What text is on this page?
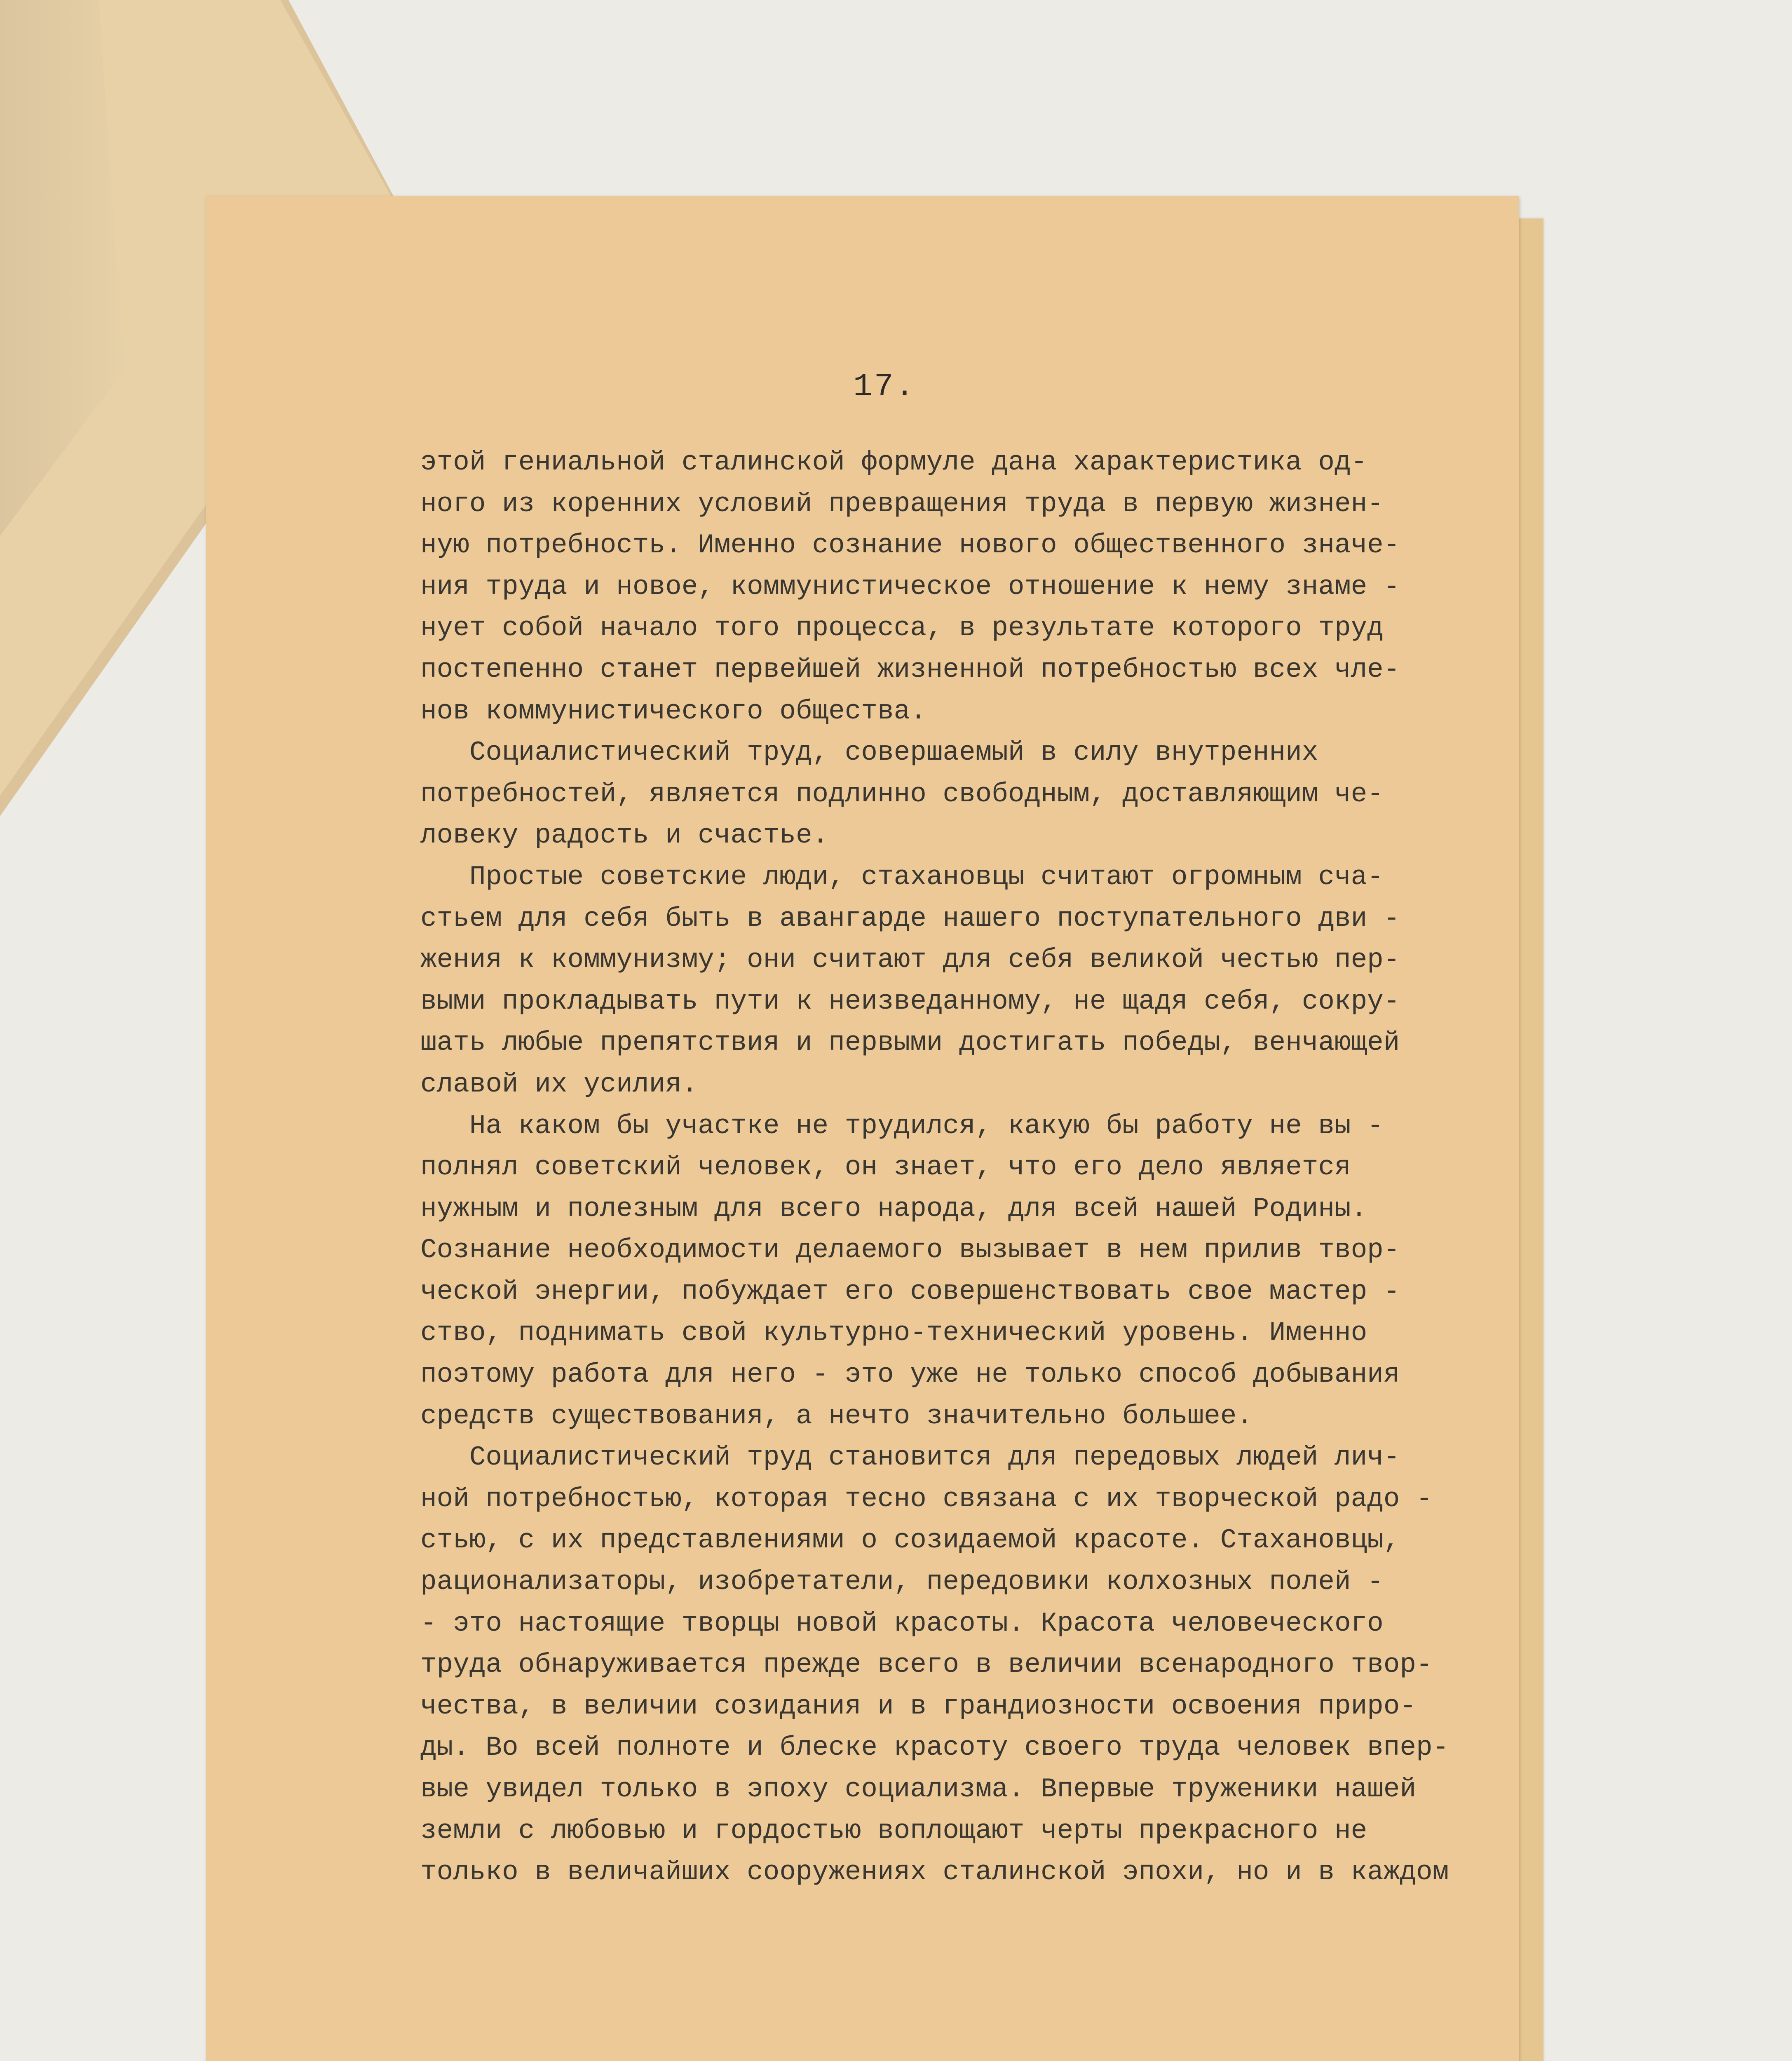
17.
этой гениальной сталинской формуле дана характеристика од-
ного из коренних условий превращения труда в первую жизнен-
ную потребность. Именно сознание нового общественного значе-
ния труда и новое, коммунистическое отношение к нему знаме -
нует собой начало того процесса, в результате которого труд
постепенно станет первейшей жизненной потребностью всех чле-
нов коммунистического общества.
Социалистический труд, совершаемый в силу внутренних
потребностей, является подлинно свободным, доставляющим че-
ловеку радость и счастье.
Простые советские люди, стахановцы считают огромным сча-
стьем для себя быть в авангарде нашего поступательного дви -
жения к коммунизму; они считают для себя великой честью пер-
выми прокладывать пути к неизведанному, не щадя себя, сокру-
шать любые препятствия и первыми достигать победы, венчающей
славой их усилия.
На каком бы участке не трудился, какую бы работу не вы -
полнял советский человек, он знает, что его дело является
нужным и полезным для всего народа, для всей нашей Родины.
Сознание необходимости делаемого вызывает в нем прилив твор-
ческой энергии, побуждает его совершенствовать свое мастер -
ство, поднимать свой культурно-технический уровень. Именно
поэтому работа для него - это уже не только способ добывания
средств существования, а нечто значительно большее.
Социалистический труд становится для передовых людей лич-
ной потребностью, которая тесно связана с их творческой радо -
стью, с их представлениями о созидаемой красоте. Стахановцы,
рационализаторы, изобретатели, передовики колхозных полей -
- это настоящие творцы новой красоты. Красота человеческого
труда обнаруживается прежде всего в величии всенародного твор-
чества, в величии созидания и в грандиозности освоения приро-
ды. Во всей полноте и блеске красоту своего труда человек впер-
вые увидел только в эпоху социализма. Впервые труженики нашей
земли с любовью и гордостью воплощают черты прекрасного не
только в величайших сооружениях сталинской эпохи, но и в каждом
